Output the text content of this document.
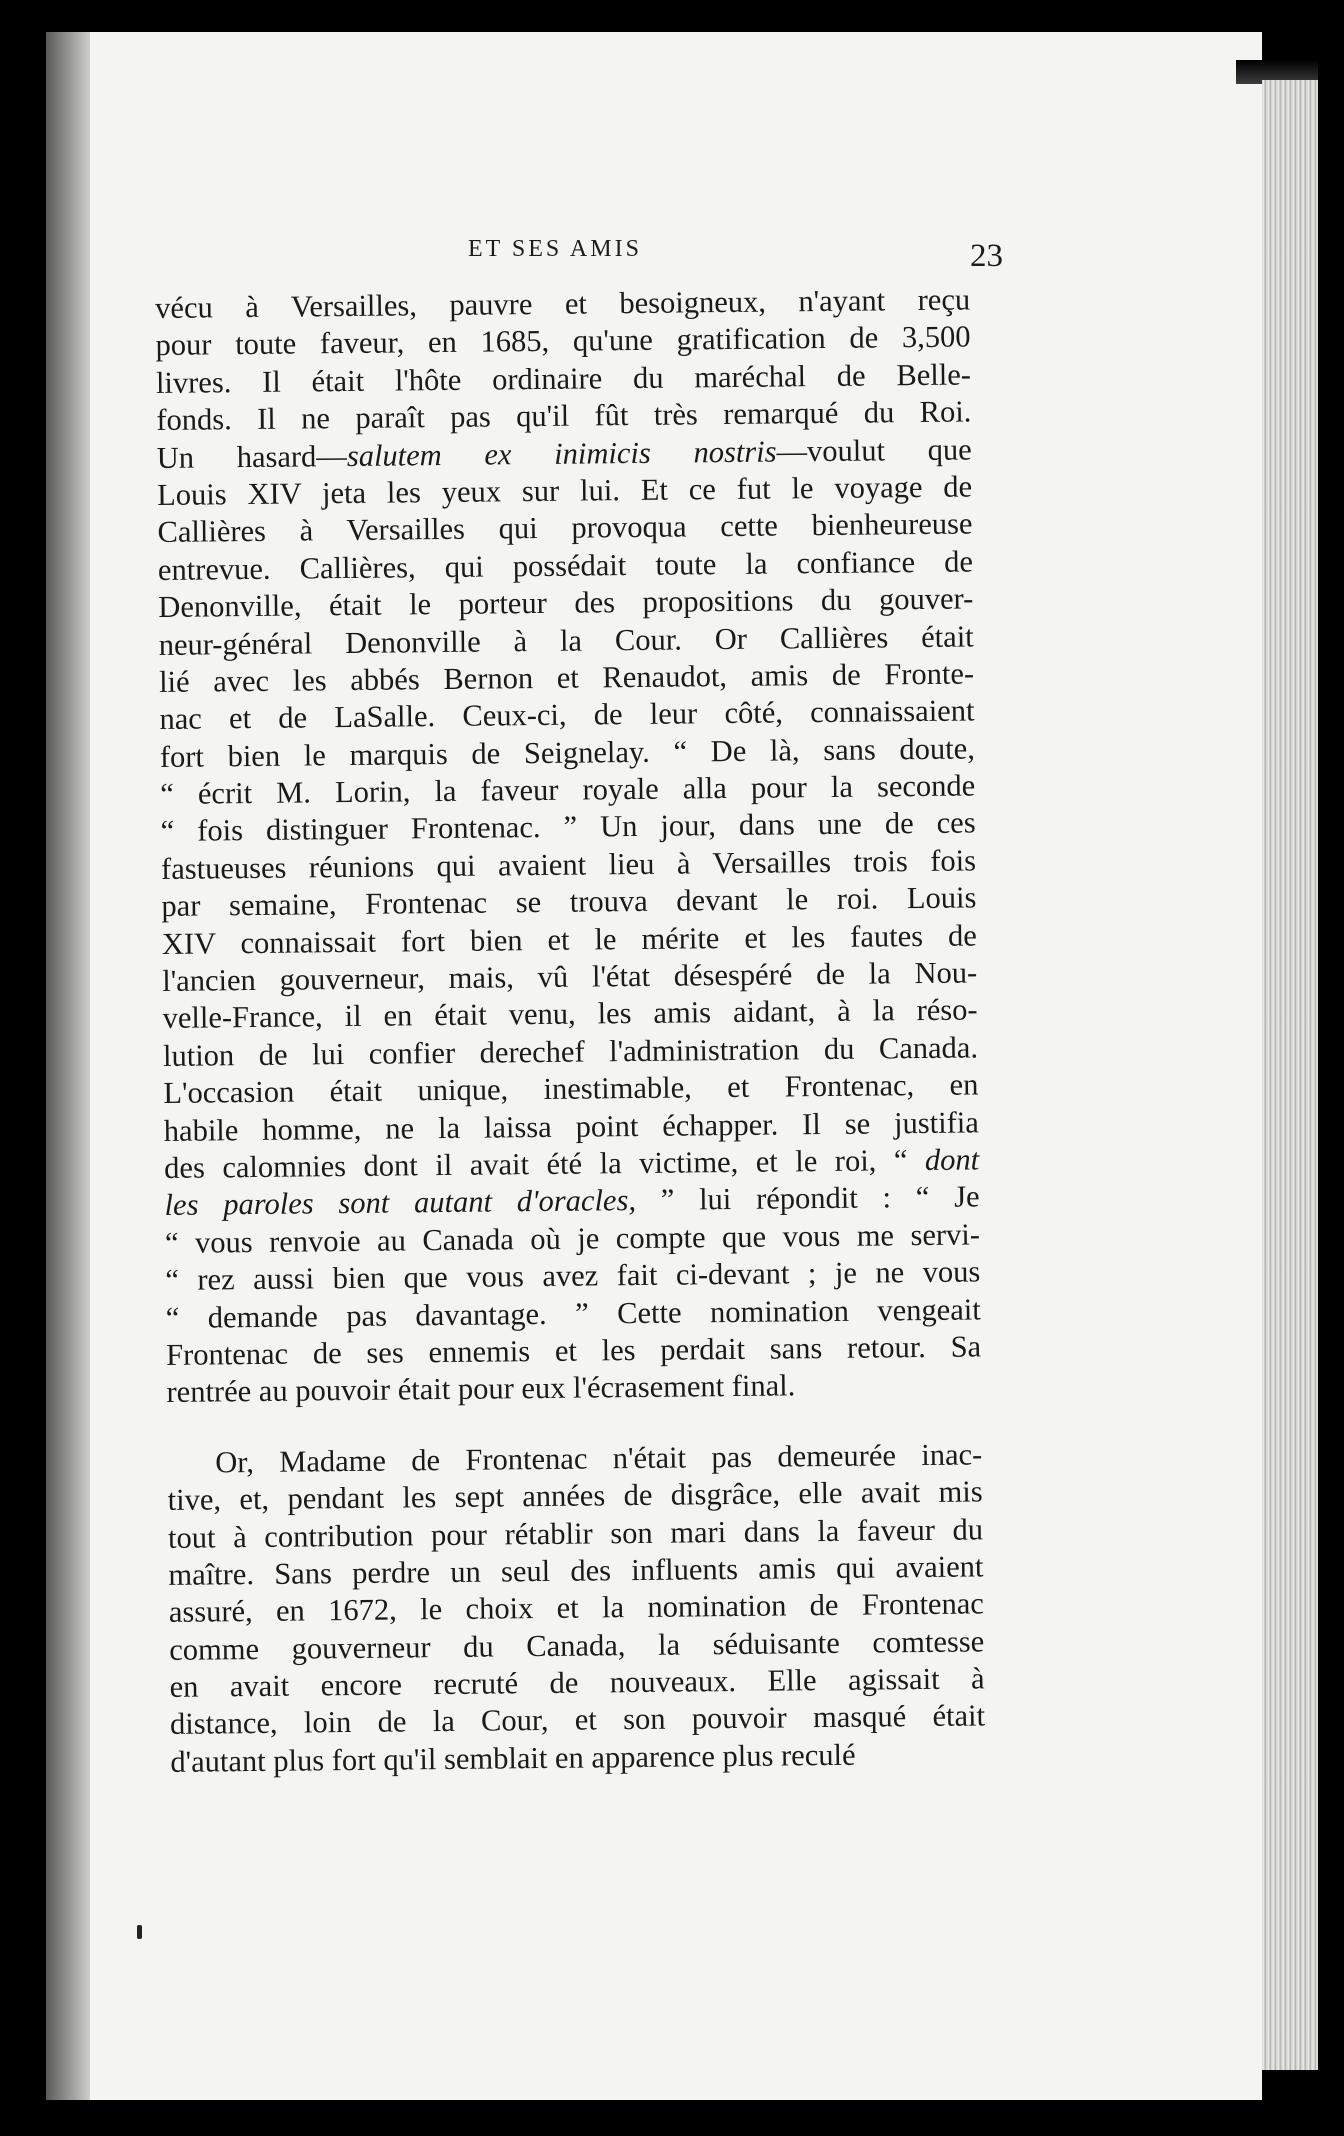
ET SES AMIS	23
vécu à Versailles, pauvre et besoigneux, n'ayant reçu
pour toute faveur, en 1685, qu'une gratification de 3,500
livres. Il était l'hôte ordinaire du maréchal de Belle-
fonds. Il ne paraît pas qu'il fût très remarqué du Roi.
Un hasard—salutem ex inimicis nostris—voulut que
Louis XIV jeta les yeux sur lui. Et ce fut le voyage de
Callières à Versailles qui provoqua cette bienheureuse
entrevue. Callières, qui possédait toute la confiance de
Denonville, était le porteur des propositions du gouver-
neur-général Denonville à la Cour. Or Callières était
lié avec les abbés Bernon et Renaudot, amis de Fronte-
nac et de LaSalle. Ceux-ci, de leur côté, connaissaient
fort bien le marquis de Seignelay. “ De là, sans doute,
“ écrit M. Lorin, la faveur royale alla pour la seconde
“ fois distinguer Frontenac. ” Un jour, dans une de ces
fastueuses réunions qui avaient lieu à Versailles trois fois
par semaine, Frontenac se trouva devant le roi. Louis
XIV connaissait fort bien et le mérite et les fautes de
l'ancien gouverneur, mais, vû l'état désespéré de la Nou-
velle-France, il en était venu, les amis aidant, à la réso-
lution de lui confier derechef l'administration du Canada.
L'occasion était unique, inestimable, et Frontenac, en
habile homme, ne la laissa point échapper. Il se justifia
des calomnies dont il avait été la victime, et le roi, “ dont
les paroles sont autant d'oracles, ” lui répondit : “ Je
“ vous renvoie au Canada où je compte que vous me servi-
“ rez aussi bien que vous avez fait ci-devant ; je ne vous
“ demande pas davantage. ” Cette nomination vengeait
Frontenac de ses ennemis et les perdait sans retour. Sa
rentrée au pouvoir était pour eux l'écrasement final.
Or, Madame de Frontenac n'était pas demeurée inac-
tive, et, pendant les sept années de disgrâce, elle avait mis
tout à contribution pour rétablir son mari dans la faveur du
maître. Sans perdre un seul des influents amis qui avaient
assuré, en 1672, le choix et la nomination de Frontenac
comme gouverneur du Canada, la séduisante comtesse
en avait encore recruté de nouveaux. Elle agissait à
distance, loin de la Cour, et son pouvoir masqué était
d'autant plus fort qu'il semblait en apparence plus reculé
